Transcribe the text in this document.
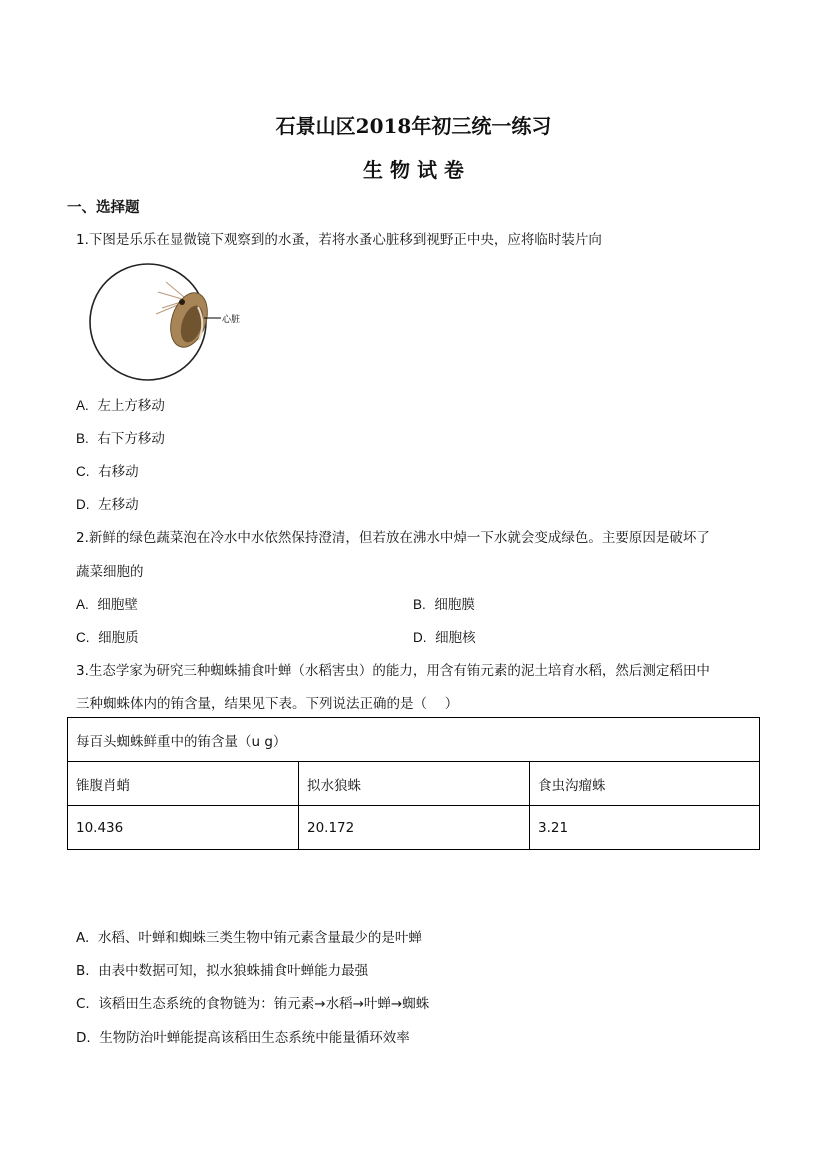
石景山区2018年初三统一练习
生 物 试 卷
一、选择题
1.下图是乐乐在显微镜下观察到的水蚤，若将水蚤心脏移到视野正中央，应将临时装片向
心脏
A. 左上方移动
B. 右下方移动
C. 右移动
D. 左移动
2.新鲜的绿色蔬菜泡在冷水中水依然保持澄清，但若放在沸水中焯一下水就会变成绿色。主要原因是破坏了
蔬菜细胞的
A. 细胞壁	B. 细胞膜
C. 细胞质	D. 细胞核
3.生态学家为研究三种蜘蛛捕食叶蝉（水稻害虫）的能力，用含有铕元素的泥土培育水稻，然后测定稻田中
三种蜘蛛体内的铕含量，结果见下表。下列说法正确的是（　 ）
每百头蜘蛛鲜重中的铕含量（u g）		
锥腹肖蛸	拟水狼蛛	食虫沟瘤蛛
10.436	20.172	3.21
A. 水稻、叶蝉和蜘蛛三类生物中铕元素含量最少的是叶蝉
B. 由表中数据可知，拟水狼蛛捕食叶蝉能力最强
C. 该稻田生态系统的食物链为：铕元素→水稻→叶蝉→蜘蛛
D. 生物防治叶蝉能提高该稻田生态系统中能量循环效率
